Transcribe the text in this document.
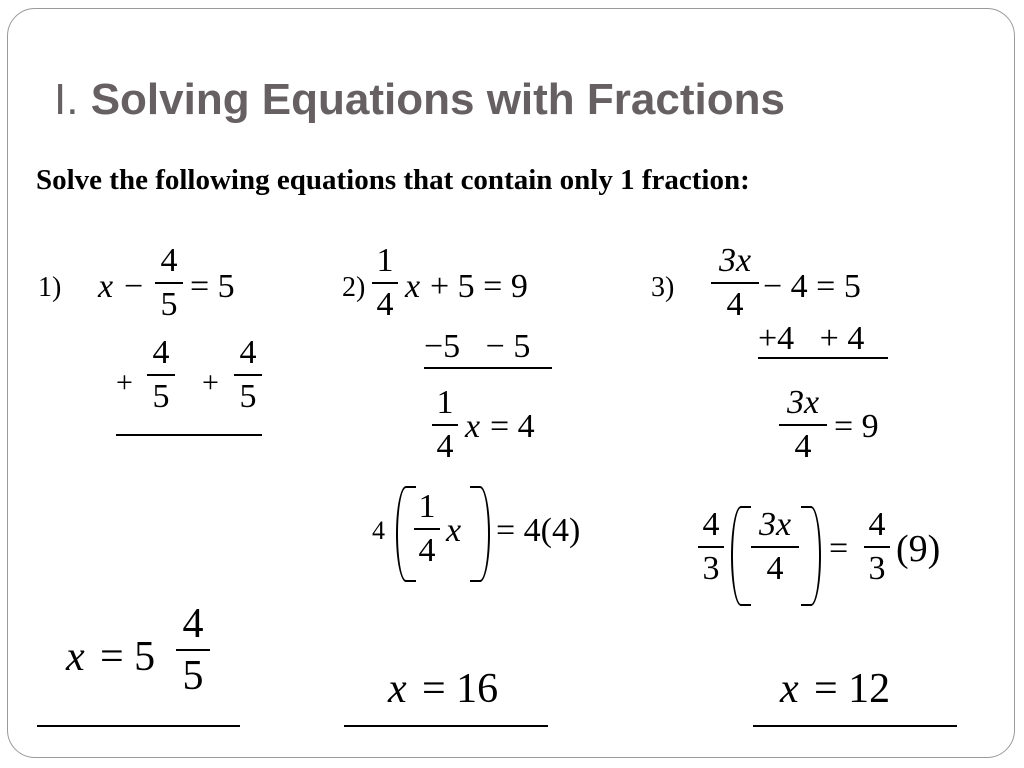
I. Solving Equations with Fractions
Solve the following equations that contain only 1 fraction:
1) x −
4
5 = 5
+
4
5 +
4
5
x = 5
4
5
2)
1
4 x + 5 = 9
−5   − 5
1
4
x = 4
4
1
4
x = 4(4)
x = 16
3)
3x
4 − 4 = 5
+4   + 4
3x
4
= 9
4
3
3x
4
=
4
3 (9)
x = 12
